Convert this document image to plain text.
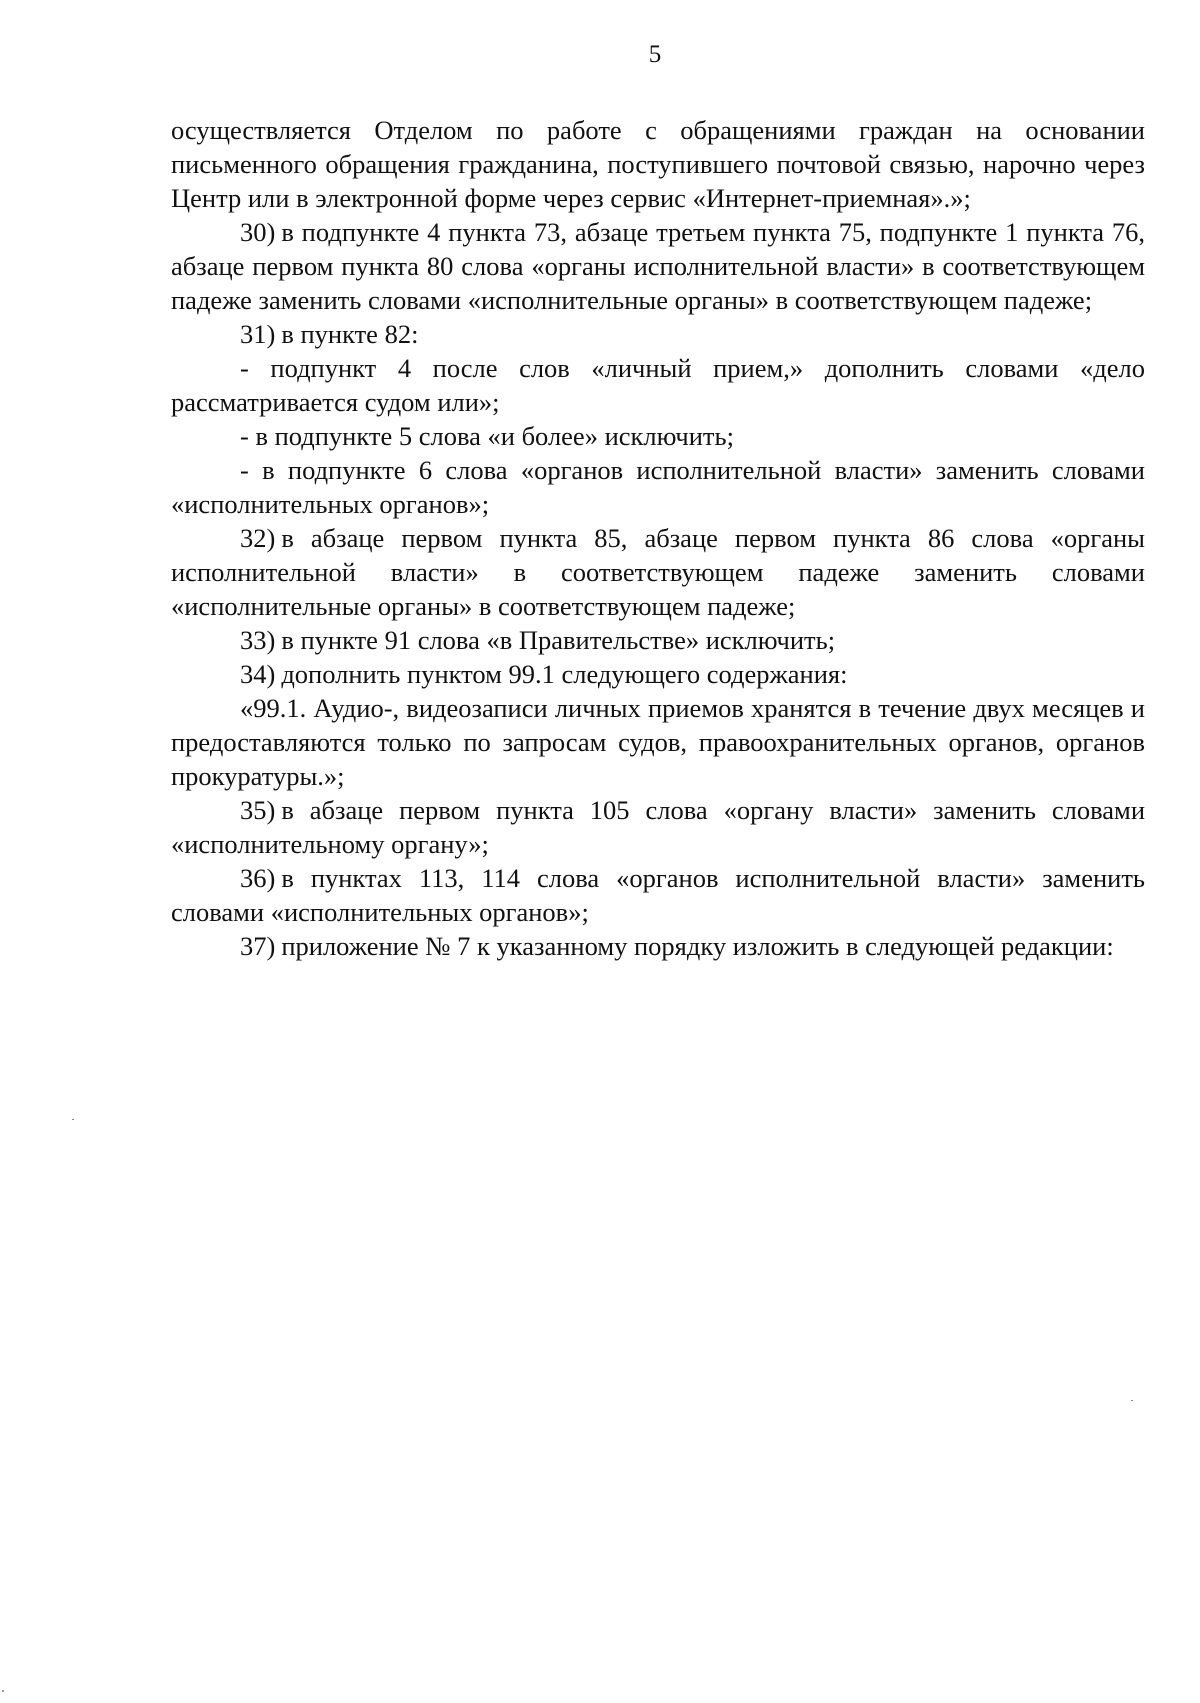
5

осуществляется Отделом по работе с обращениями граждан на основании письменного обращения гражданина, поступившего почтовой связью, нарочно через Центр или в электронной форме через сервис «Интернет-приемная».»;

30) в подпункте 4 пункта 73, абзаце третьем пункта 75, подпункте 1 пункта 76, абзаце первом пункта 80 слова «органы исполнительной власти» в соответствующем падеже заменить словами «исполнительные органы» в соответствующем падеже;

31) в пункте 82:

- подпункт 4 после слов «личный прием,» дополнить словами «дело рассматривается судом или»;

- в подпункте 5 слова «и более» исключить;

- в подпункте 6 слова «органов исполнительной власти» заменить словами «исполнительных органов»;

32) в абзаце первом пункта 85, абзаце первом пункта 86 слова «органы исполнительной власти» в соответствующем падеже заменить словами «исполнительные органы» в соответствующем падеже;

33) в пункте 91 слова «в Правительстве» исключить;

34) дополнить пунктом 99.1 следующего содержания:

«99.1. Аудио-, видеозаписи личных приемов хранятся в течение двух месяцев и предоставляются только по запросам судов, правоохранительных органов, органов прокуратуры.»;

35) в абзаце первом пункта 105 слова «органу власти» заменить словами «исполнительному органу»;

36) в пунктах 113, 114 слова «органов исполнительной власти» заменить словами «исполнительных органов»;

37) приложение № 7 к указанному порядку изложить в следующей редакции:
